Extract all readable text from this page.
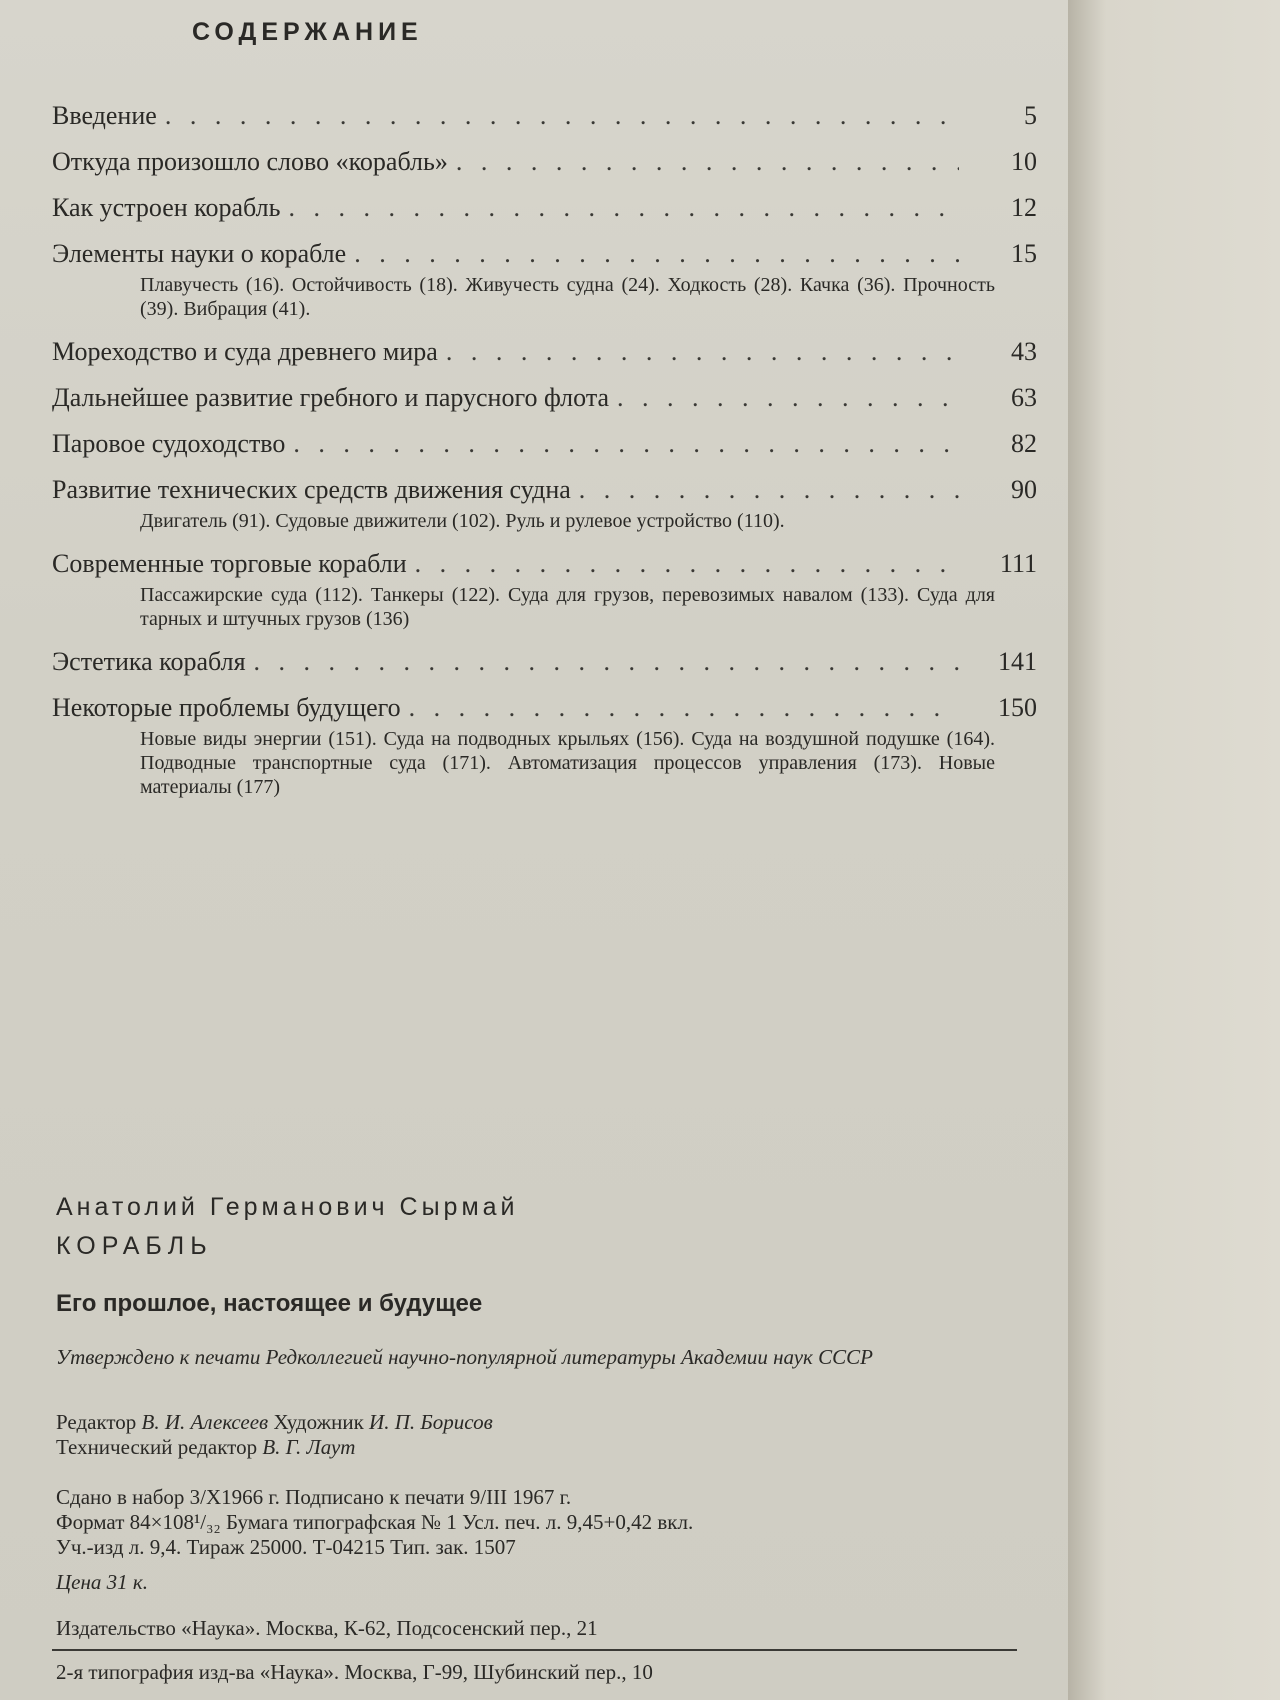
СОДЕРЖАНИЕ
Введение . . .	5
Откуда произошло слово «корабль» . . .	10
Как устроен корабль . . .	12
Элементы науки о корабле . . .	15
Плавучесть (16). Остойчивость (18). Живучесть судна (24). Ходкость (28). Качка (36). Прочность (39). Вибрация (41).
Мореходство и суда древнего мира . . .	43
Дальнейшее развитие гребного и парусного флота . . .	63
Паровое судоходство . . .	82
Развитие технических средств движения судна . . .	90
Двигатель (91). Судовые движители (102). Руль и рулевое устройство (110).
Современные торговые корабли . . .	111
Пассажирские суда (112). Танкеры (122). Суда для грузов, перевозимых навалом (133). Суда для тарных и штучных грузов (136)
Эстетика корабля . . .	141
Некоторые проблемы будущего . . .	150
Новые виды энергии (151). Суда на подводных крыльях (156). Суда на воздушной подушке (164). Подводные транспортные суда (171). Автоматизация процессов управления (173). Новые материалы (177)
Анатолий Германович Сырмай
КОРАБЛЬ
Его прошлое, настоящее и будущее
Утверждено к печати Редколлегией научно-популярной литературы Академии наук СССР
Редактор В. И. Алексеев Художник И. П. Борисов
Технический редактор В. Г. Лаут
Сдано в набор 3/Х1966 г. Подписано к печати 9/III 1967 г.
Формат 84×108¹/₃₂ Бумага типографская № 1 Усл. печ. л. 9,45+0,42 вкл.
Уч.-изд л. 9,4. Тираж 25000. Т-04215 Тип. зак. 1507
Цена 31 к.
Издательство «Наука». Москва, К-62, Подсосенский пер., 21
2-я типография изд-ва «Наука». Москва, Г-99, Шубинский пер., 10
